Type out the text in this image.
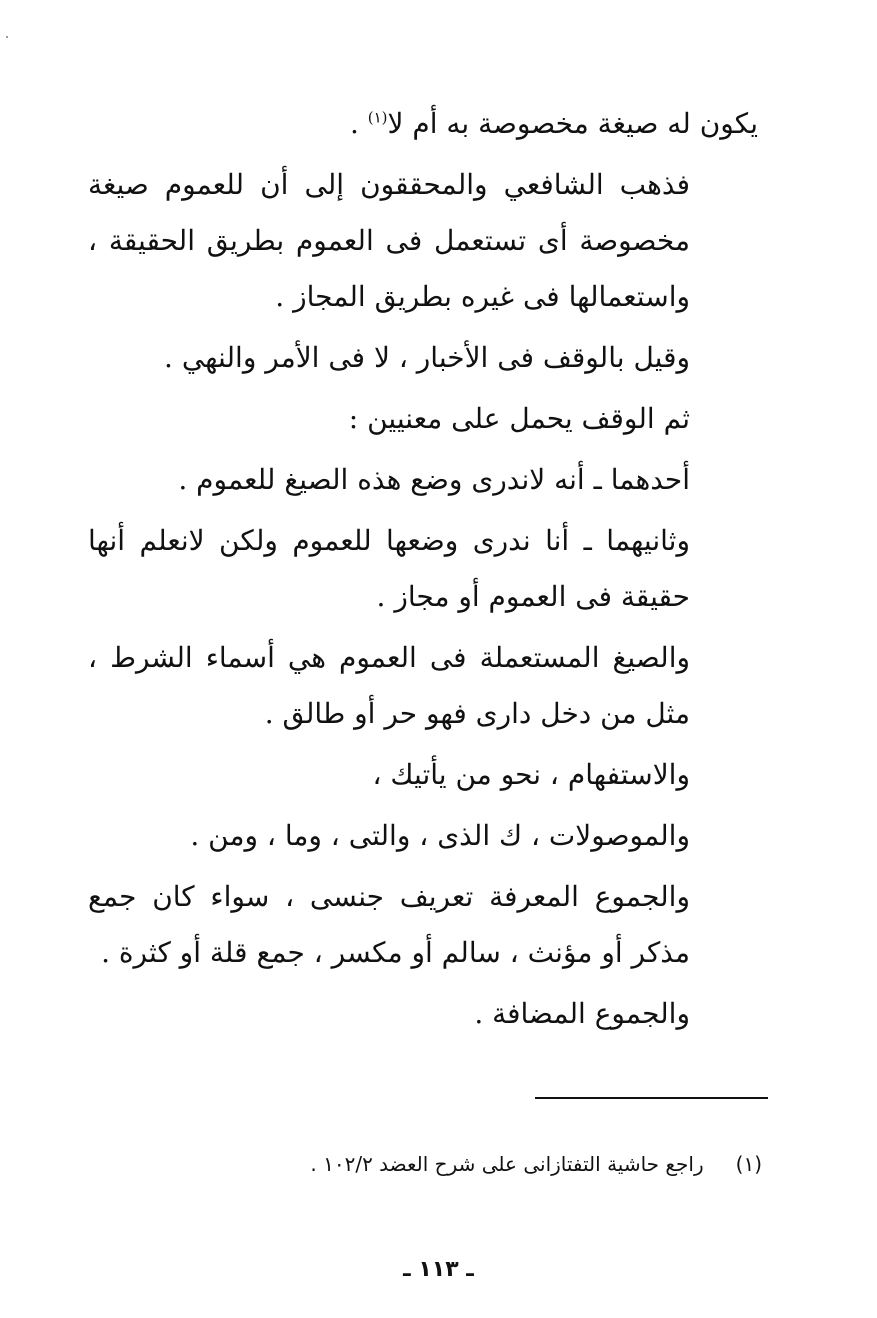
يكون له صيغة مخصوصة به أم لا$^{(١)}$ .

فذهب الشافعي والمحققون إلى أن للعموم صيغة مخصوصة أى تستعمل فى العموم بطريق الحقيقة ، واستعمالها فى غيره بطريق المجاز .

وقيل بالوقف فى الأخبار ، لا فى الأمر والنهي .

ثم الوقف يحمل على معنيين :

أحدهما ـ أنه لاندرى وضع هذه الصيغ للعموم .

وثانيهما ـ أنا ندرى وضعها للعموم ولكن لانعلم أنها حقيقة فى العموم أو مجاز .

والصيغ المستعملة فى العموم هي أسماء الشرط ، مثل من دخل دارى فهو حر أو طالق .

والاستفهام ، نحو من يأتيك ،

والموصولات ، ك الذى ، والتى ، وما ، ومن .

والجموع المعرفة تعريف جنسى ، سواء كان جمع مذكر أو مؤنث ، سالم أو مكسر ، جمع قلة أو كثرة .

والجموع المضافة .

(١)راجع حاشية التفتازانى على شرح العضد ١٠٢/٢ .
ـ ١١٣ ـ
